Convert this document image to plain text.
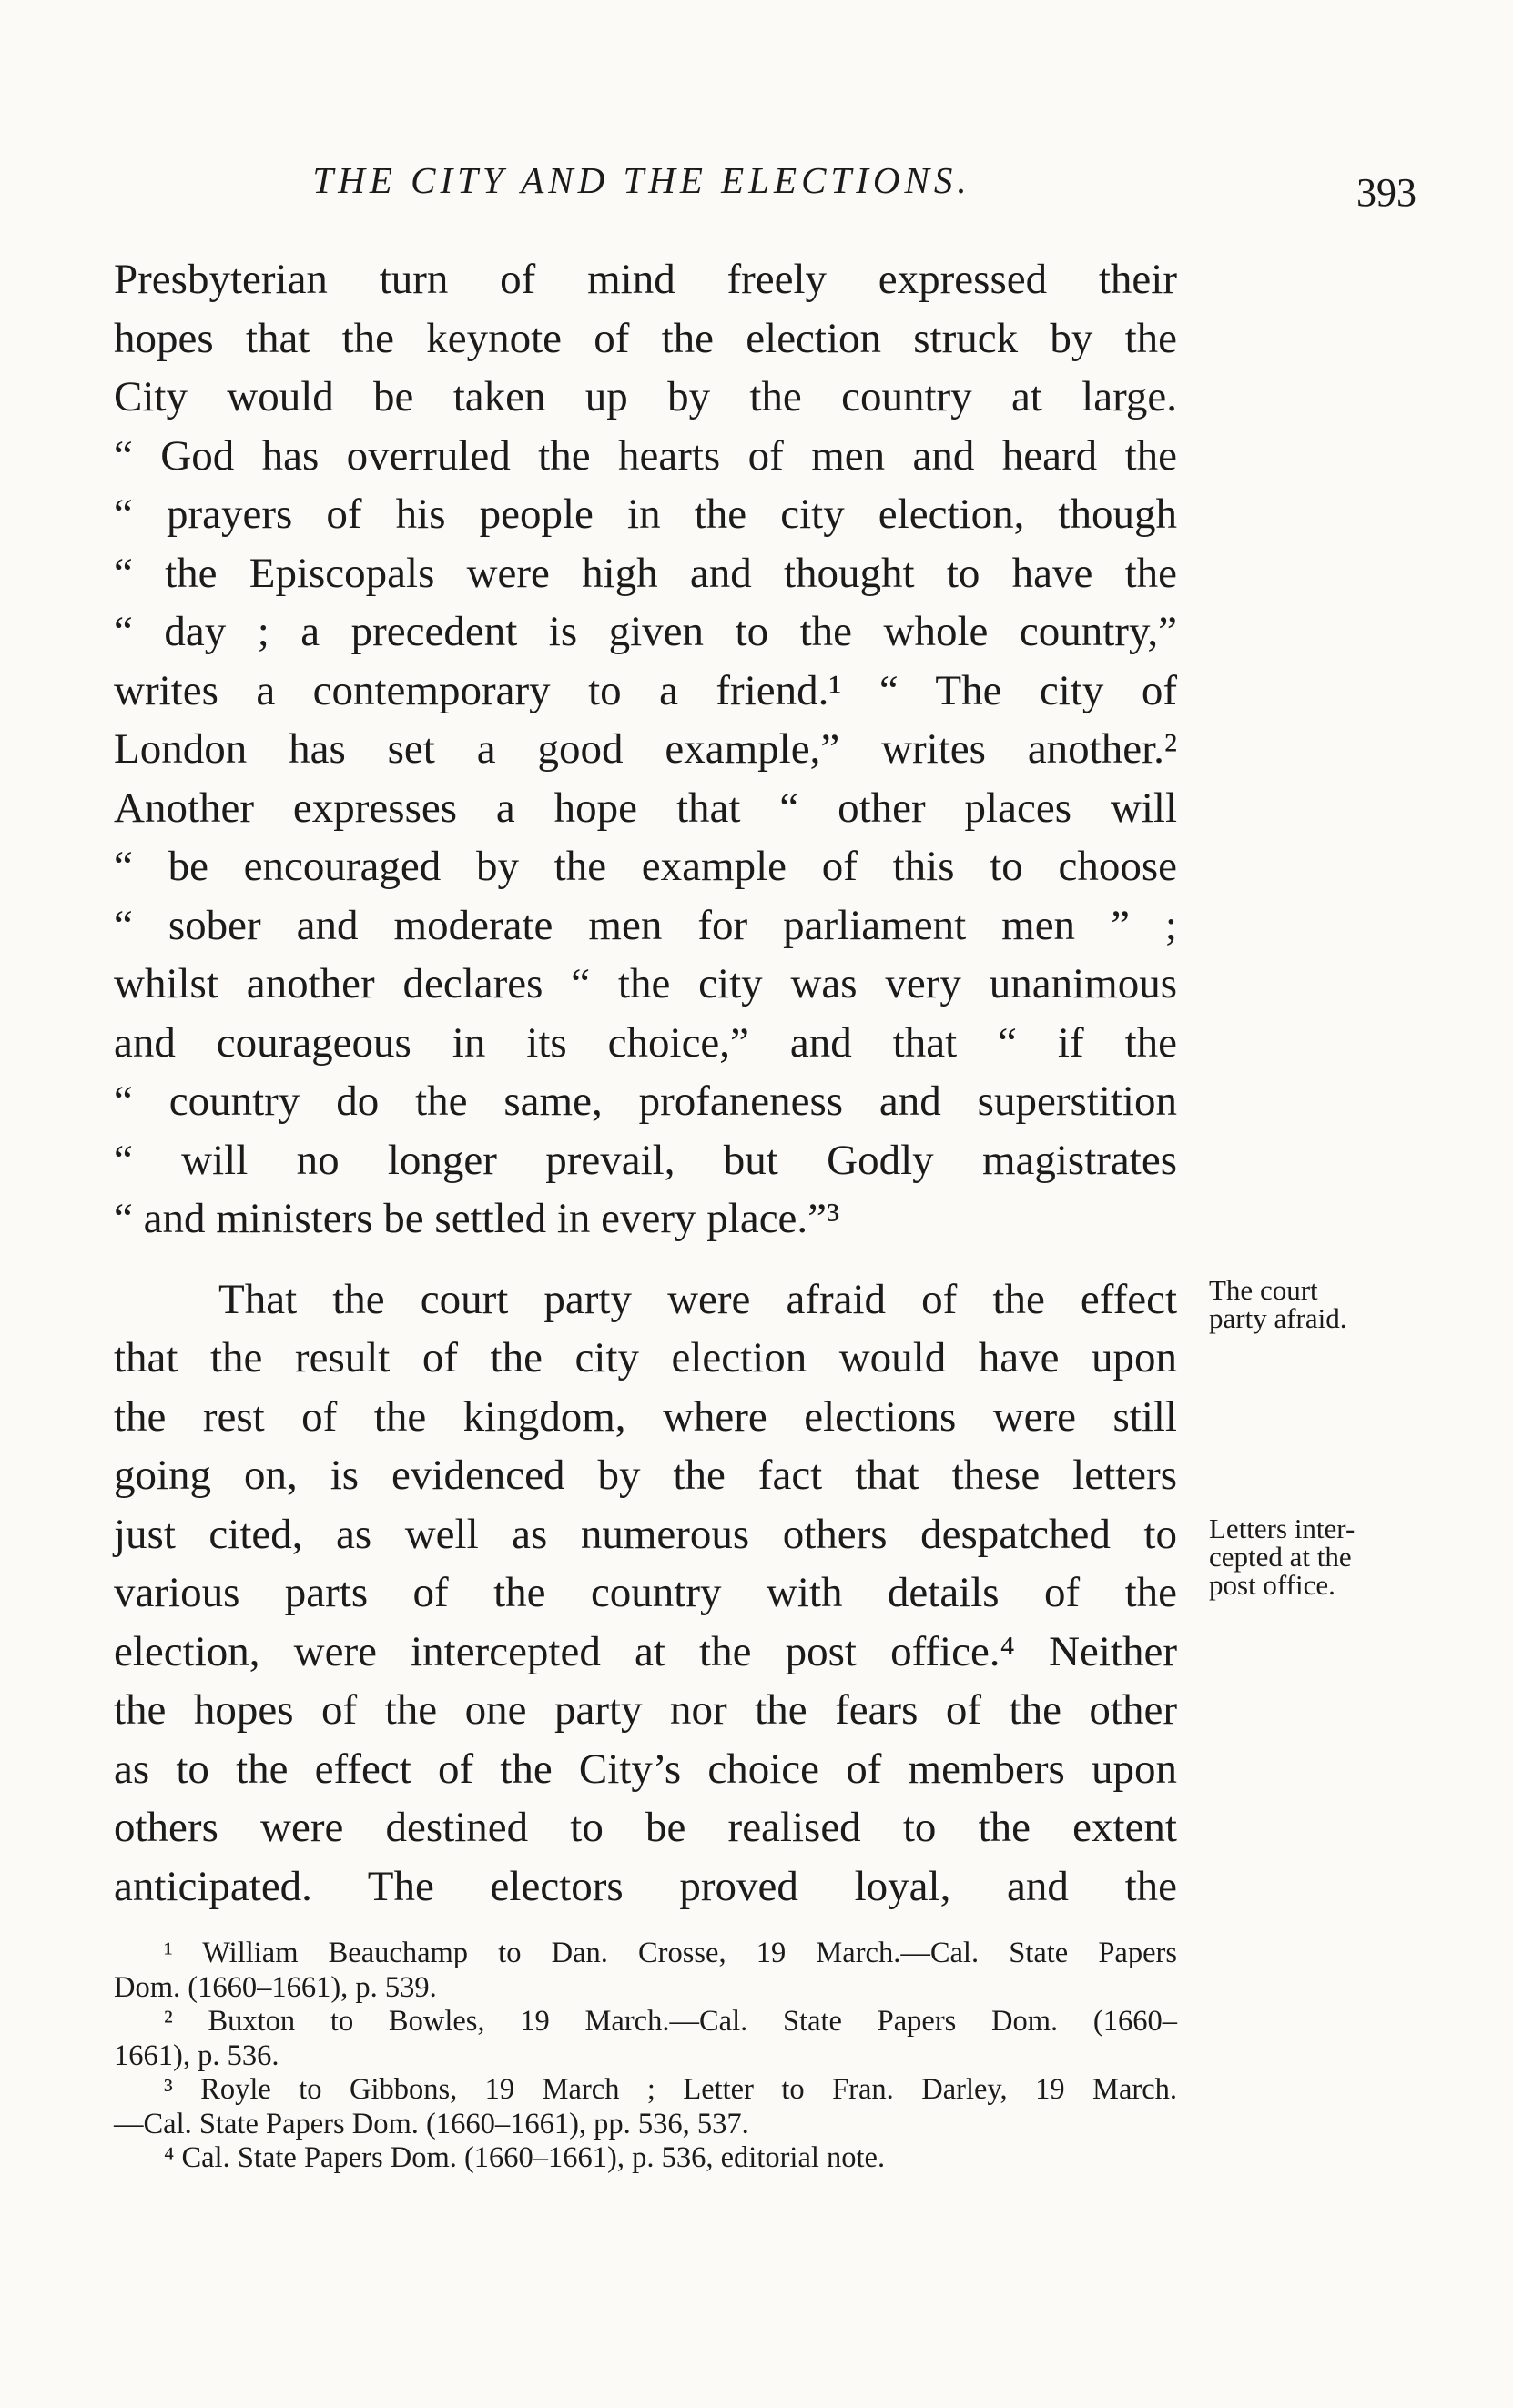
THE CITY AND THE ELECTIONS.	393
Presbyterian turn of mind freely expressed their
hopes that the keynote of the election struck by the
City would be taken up by the country at large.
“ God has overruled the hearts of men and heard the
“ prayers of his people in the city election, though
“ the Episcopals were high and thought to have the
“ day ; a precedent is given to the whole country,”
writes a contemporary to a friend.¹ “ The city of
London has set a good example,” writes another.²
Another expresses a hope that “ other places will
“ be encouraged by the example of this to choose
“ sober and moderate men for parliament men ” ;
whilst another declares “ the city was very unanimous
and courageous in its choice,” and that “ if the
“ country do the same, profaneness and superstition
“ will no longer prevail, but Godly magistrates
“ and ministers be settled in every place.”³
That the court party were afraid of the effect
that the result of the city election would have upon
the rest of the kingdom, where elections were still
going on, is evidenced by the fact that these letters
just cited, as well as numerous others despatched to
various parts of the country with details of the
election, were intercepted at the post office.⁴ Neither
the hopes of the one party nor the fears of the other
as to the effect of the City’s choice of members upon
others were destined to be realised to the extent
anticipated. The electors proved loyal, and the
The court
party afraid.
Letters inter-
cepted at the
post office.
¹ William Beauchamp to Dan. Crosse, 19 March.—Cal. State Papers
Dom. (1660–1661), p. 539.
² Buxton to Bowles, 19 March.—Cal. State Papers Dom. (1660–
1661), p. 536.
³ Royle to Gibbons, 19 March ; Letter to Fran. Darley, 19 March.
—Cal. State Papers Dom. (1660–1661), pp. 536, 537.
⁴ Cal. State Papers Dom. (1660–1661), p. 536, editorial note.
